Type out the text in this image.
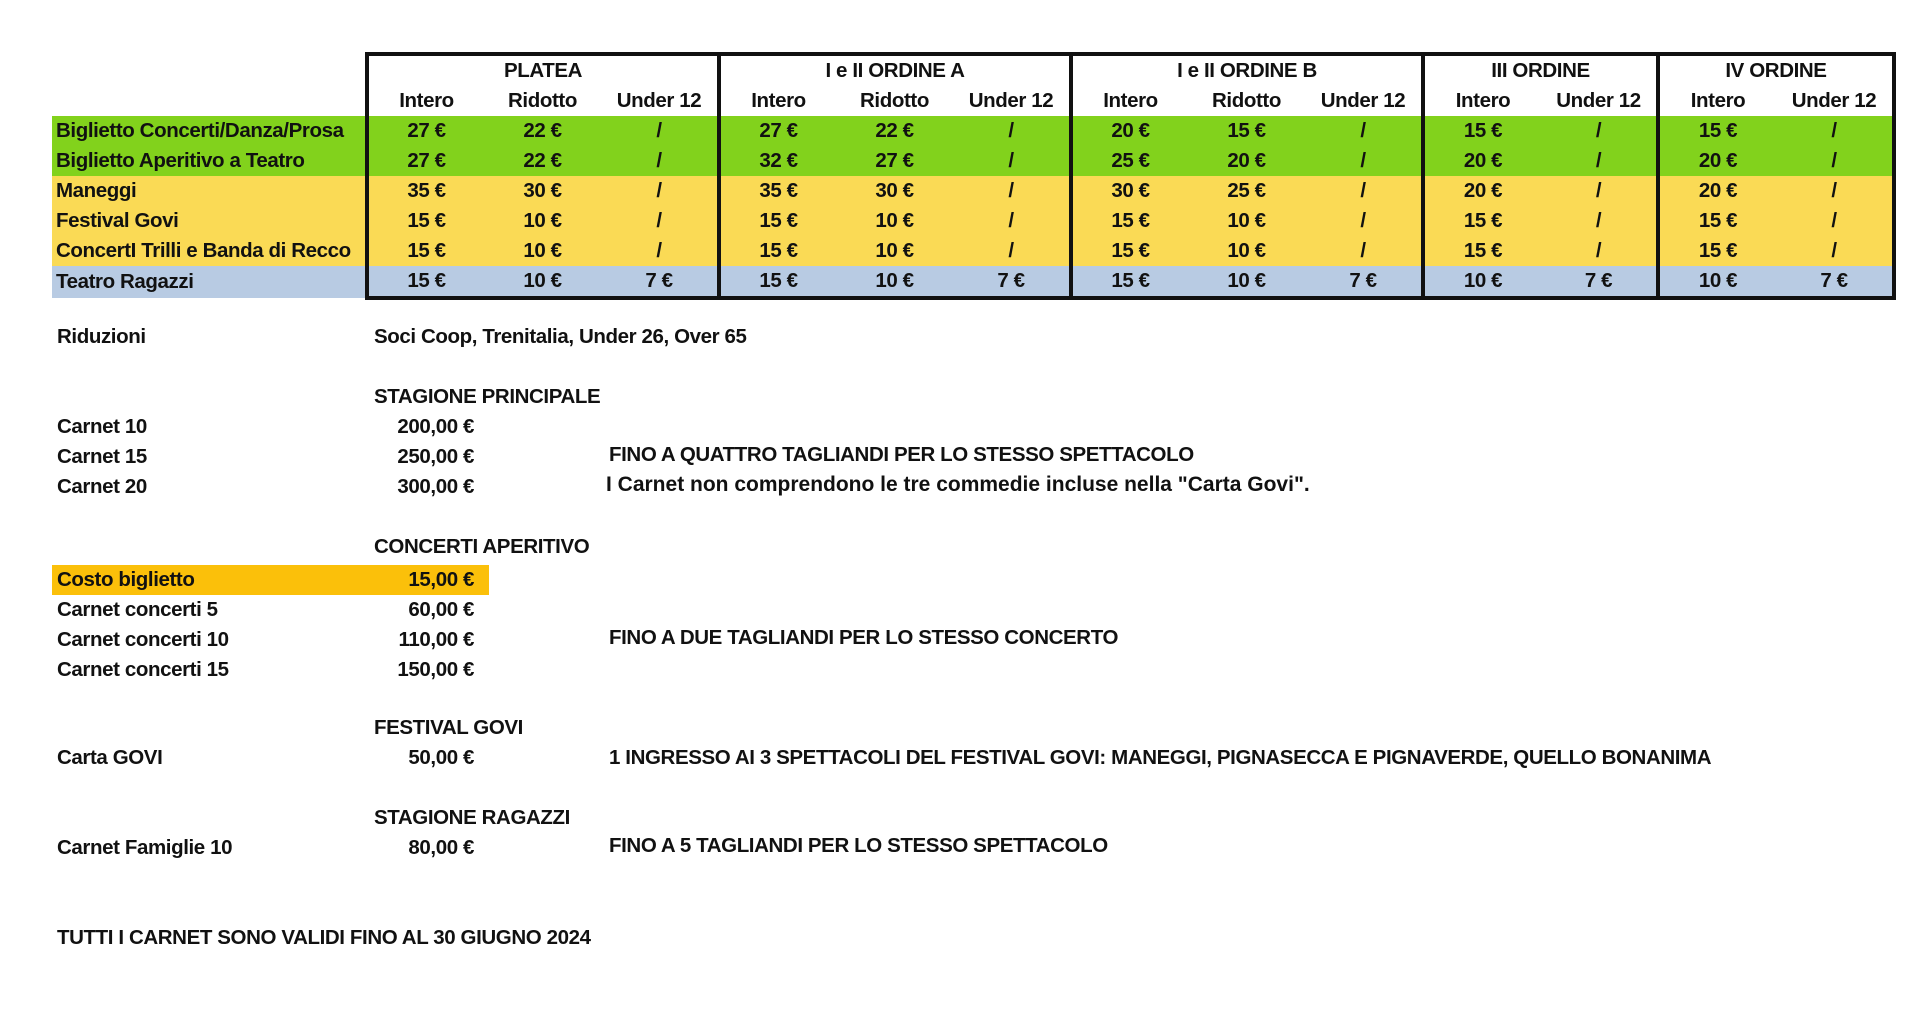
	PLATEA			I e II ORDINE A			I e II ORDINE B			III ORDINE		IV ORDINE	
	Intero	Ridotto	Under 12	Intero	Ridotto	Under 12	Intero	Ridotto	Under 12	Intero	Under 12	Intero	Under 12
Biglietto Concerti/Danza/Prosa	27 €	22 €	/	27 €	22 €	/	20 €	15 €	/	15 €	/	15 €	/
Biglietto Aperitivo a Teatro	27 €	22 €	/	32 €	27 €	/	25 €	20 €	/	20 €	/	20 €	/
Maneggi	35 €	30 €	/	35 €	30 €	/	30 €	25 €	/	20 €	/	20 €	/
Festival Govi	15 €	10 €	/	15 €	10 €	/	15 €	10 €	/	15 €	/	15 €	/
ConcertI Trilli e Banda di Recco	15 €	10 €	/	15 €	10 €	/	15 €	10 €	/	15 €	/	15 €	/
Teatro Ragazzi	15 €	10 €	7 €	15 €	10 €	7 €	15 €	10 €	7 €	10 €	7 €	10 €	7 €
Riduzioni	Soci Coop, Trenitalia, Under 26, Over 65
STAGIONE PRINCIPALE
Carnet 10	200,00 €
Carnet 15	250,00 €
Carnet 20	300,00 €
FINO A QUATTRO TAGLIANDI PER LO STESSO SPETTACOLO
I Carnet non comprendono le tre commedie incluse nella "Carta Govi".
CONCERTI APERITIVO
Costo biglietto	15,00 €
Carnet concerti 5	60,00 €
Carnet concerti 10	110,00 €
Carnet concerti 15	150,00 €
FINO A DUE TAGLIANDI PER LO STESSO CONCERTO
FESTIVAL GOVI
Carta GOVI	50,00 €	1 INGRESSO AI 3 SPETTACOLI DEL FESTIVAL GOVI: MANEGGI, PIGNASECCA E PIGNAVERDE, QUELLO BONANIMA
STAGIONE RAGAZZI
Carnet Famiglie 10	80,00 €	FINO A 5 TAGLIANDI PER LO STESSO SPETTACOLO
TUTTI I CARNET SONO VALIDI FINO AL 30 GIUGNO 2024
